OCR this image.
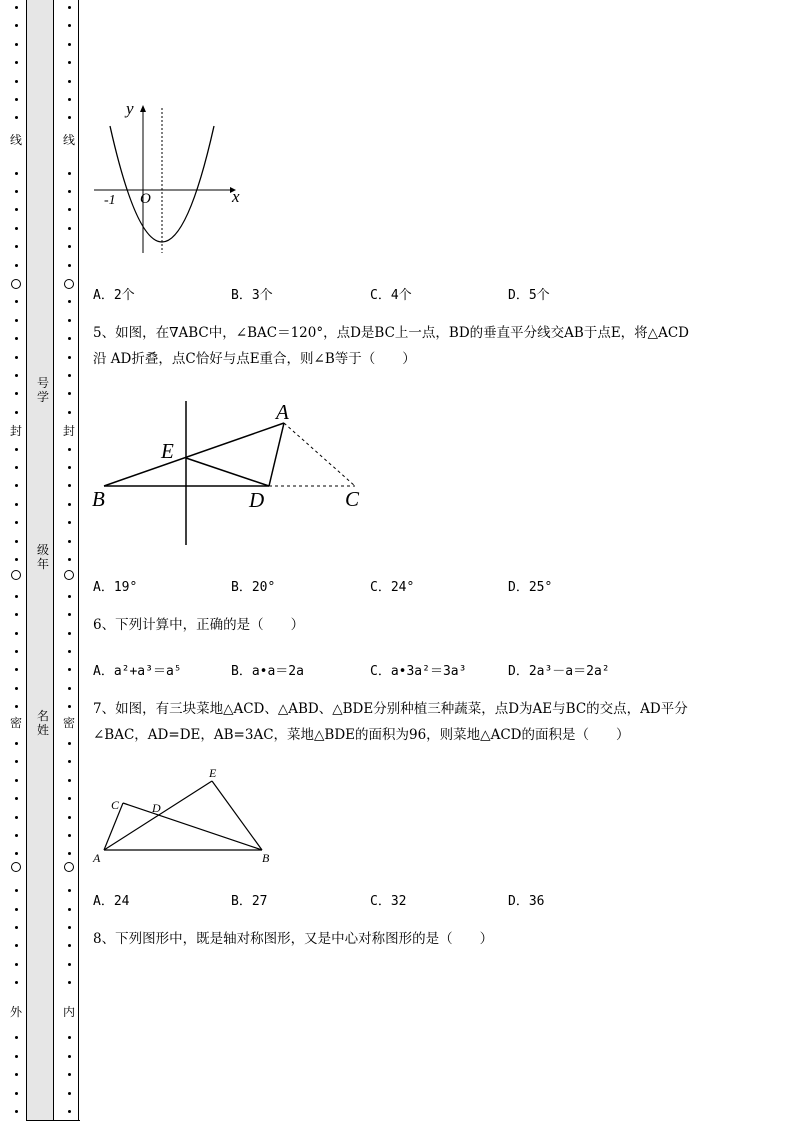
线
封
密
外
线
封
密
内
号学
级年
名姓
y
x
O
-1
A．2个	B．3个	C．4个	D．5个
5、如图，在∇ABC中，∠BAC＝120°，点D是BC上一点，BD的垂直平分线交AB于点E，将△ACD
沿 AD折叠，点C恰好与点E重合，则∠B等于（　　）
A
E
B	D	C
A．19°	B．20°	C．24°	D．25°
6、下列计算中，正确的是（　　）
A．a²+a³＝a⁵	B．a•a＝2a	C．a•3a²＝3a³	D．2a³－a＝2a²
7、如图，有三块菜地△ACD、△ABD、△BDE分别种植三种蔬菜，点D为AE与BC的交点，AD平分
∠BAC，AD=DE，AB=3AC，菜地△BDE的面积为96，则菜地△ACD的面积是（　　）
E
C	D
A	B
A．24	B．27	C．32	D．36
8、下列图形中，既是轴对称图形，又是中心对称图形的是（　　）
